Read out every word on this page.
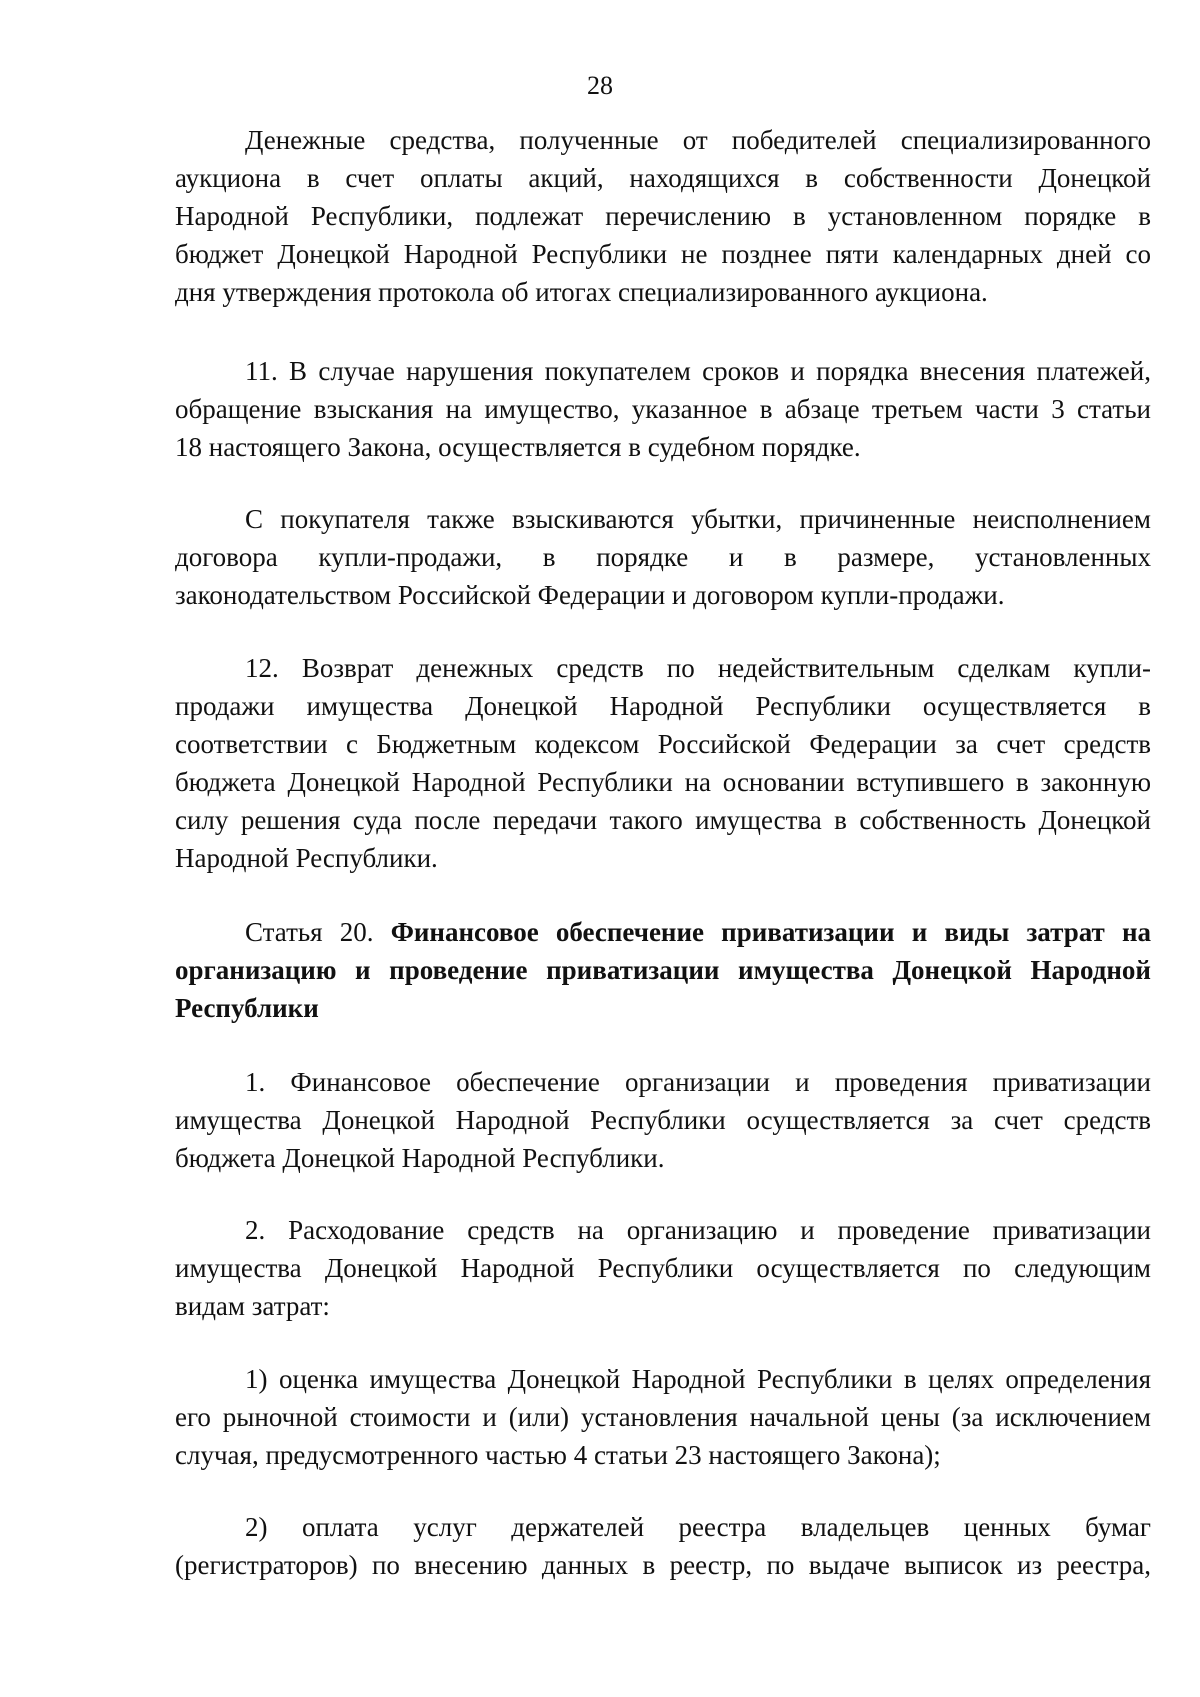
28
Денежные средства, полученные от победителей специализированного
аукциона в счет оплаты акций, находящихся в собственности Донецкой
Народной Республики, подлежат перечислению в установленном порядке в
бюджет Донецкой Народной Республики не позднее пяти календарных дней со
дня утверждения протокола об итогах специализированного аукциона.
11. В случае нарушения покупателем сроков и порядка внесения платежей,
обращение взыскания на имущество, указанное в абзаце третьем части 3 статьи
18 настоящего Закона, осуществляется в судебном порядке.
С покупателя также взыскиваются убытки, причиненные неисполнением
договора купли-продажи, в порядке и в размере, установленных
законодательством Российской Федерации и договором купли-продажи.
12. Возврат денежных средств по недействительным сделкам купли-
продажи имущества Донецкой Народной Республики осуществляется в
соответствии с Бюджетным кодексом Российской Федерации за счет средств
бюджета Донецкой Народной Республики на основании вступившего в законную
силу решения суда после передачи такого имущества в собственность Донецкой
Народной Республики.
Статья 20. Финансовое обеспечение приватизации и виды затрат на
организацию и проведение приватизации имущества Донецкой Народной
Республики
1. Финансовое обеспечение организации и проведения приватизации
имущества Донецкой Народной Республики осуществляется за счет средств
бюджета Донецкой Народной Республики.
2. Расходование средств на организацию и проведение приватизации
имущества Донецкой Народной Республики осуществляется по следующим
видам затрат:
1) оценка имущества Донецкой Народной Республики в целях определения
его рыночной стоимости и (или) установления начальной цены (за исключением
случая, предусмотренного частью 4 статьи 23 настоящего Закона);
2) оплата услуг держателей реестра владельцев ценных бумаг
(регистраторов) по внесению данных в реестр, по выдаче выписок из реестра,
